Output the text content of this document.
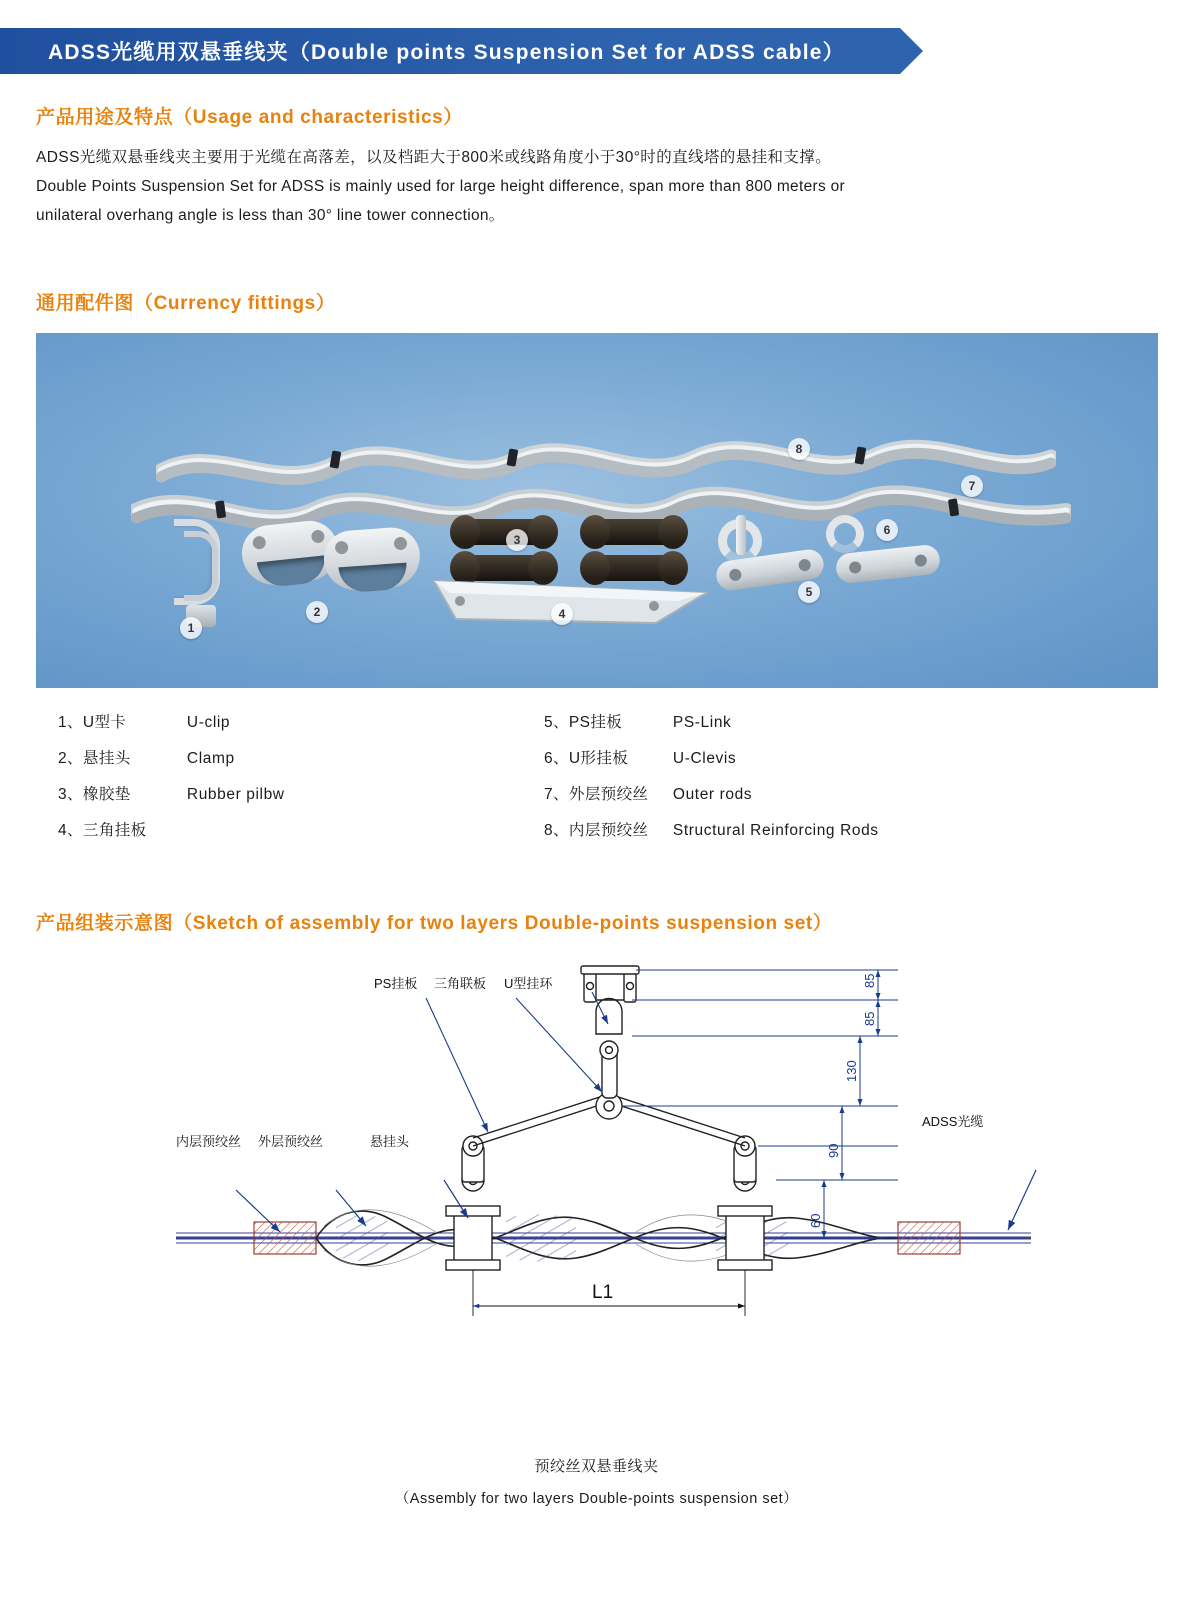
ADSS光缆用双悬垂线夹（Double points Suspension Set for ADSS cable）
产品用途及特点（Usage and characteristics）
ADSS光缆双悬垂线夹主要用于光缆在高落差，以及档距大于800米或线路角度小于30°时的直线塔的悬挂和支撑。
Double Points Suspension Set for ADSS is mainly used for large height difference, span more than 800 meters or
unilateral overhang angle is less than 30° line tower connection。
通用配件图（Currency fittings）
8
7
1
2
3
4
5
6
1、U型卡	U-clip
2、悬挂头	Clamp
3、橡胶垫	Rubber pilbw
4、三角挂板
5、PS挂板	PS-Link
6、U形挂板	U-Clevis
7、外层预绞丝 Outer rods
8、内层预绞丝 Structural Reinforcing Rods
产品组装示意图（Sketch of assembly for two layers Double-points suspension set）
PS挂板 三角联板 U型挂环
内层预绞丝 外层预绞丝	悬挂头
ADSS光缆
85
85
130
90
60
L1
预绞丝双悬垂线夹
（Assembly for two layers Double-points suspension set）
